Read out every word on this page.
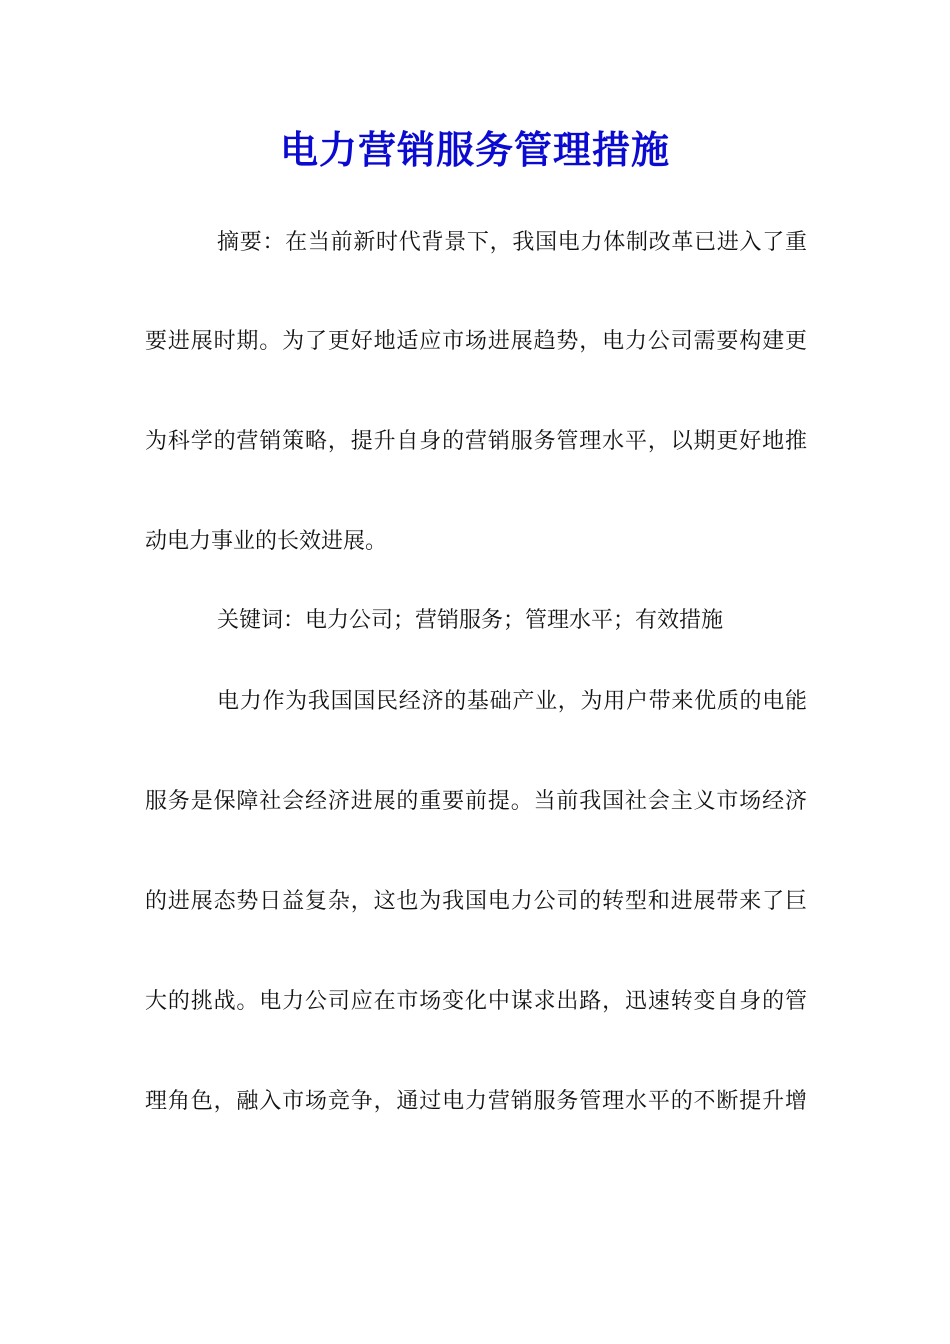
电力营销服务管理措施

摘要：在当前新时代背景下，我国电力体制改革已进入了重

要进展时期。为了更好地适应市场进展趋势，电力公司需要构建更

为科学的营销策略，提升自身的营销服务管理水平，以期更好地推

动电力事业的长效进展。

关键词：电力公司；营销服务；管理水平；有效措施

电力作为我国国民经济的基础产业，为用户带来优质的电能

服务是保障社会经济进展的重要前提。当前我国社会主义市场经济

的进展态势日益复杂，这也为我国电力公司的转型和进展带来了巨

大的挑战。电力公司应在市场变化中谋求出路，迅速转变自身的管

理角色，融入市场竞争，通过电力营销服务管理水平的不断提升增
